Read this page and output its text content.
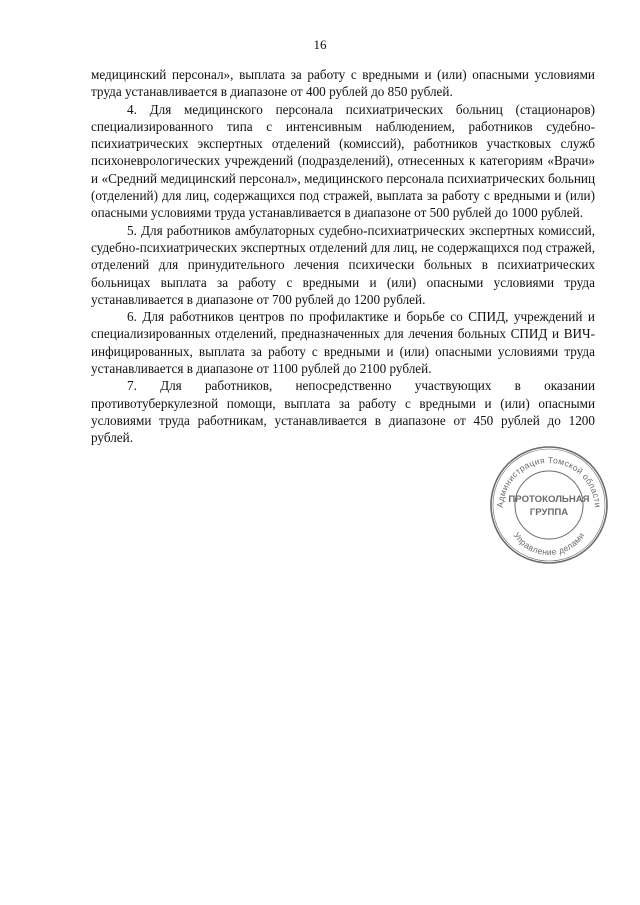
16

медицинский персонал», выплата за работу с вредными и (или) опасными условиями труда устанавливается в диапазоне от 400 рублей до 850 рублей.

4. Для медицинского персонала психиатрических больниц (стационаров) специализированного типа с интенсивным наблюдением, работников судебно-психиатрических экспертных отделений (комиссий), работников участковых служб психоневрологических учреждений (подразделений), отнесенных к категориям «Врачи» и «Средний медицинский персонал», медицинского персонала психиатрических больниц (отделений) для лиц, содержащихся под стражей, выплата за работу с вредными и (или) опасными условиями труда устанавливается в диапазоне от 500 рублей до 1000 рублей.

5. Для работников амбулаторных судебно-психиатрических экспертных комиссий, судебно-психиатрических экспертных отделений для лиц, не содержащихся под стражей, отделений для принудительного лечения психически больных в психиатрических больницах выплата за работу с вредными и (или) опасными условиями труда устанавливается в диапазоне от 700 рублей до 1200 рублей.

6. Для работников центров по профилактике и борьбе со СПИД, учреждений и специализированных отделений, предназначенных для лечения больных СПИД и ВИЧ-инфицированных, выплата за работу с вредными и (или) опасными условиями труда устанавливается в диапазоне от 1100 рублей до 2100 рублей.

7. Для работников, непосредственно участвующих в оказании противотуберкулезной помощи, выплата за работу с вредными и (или) опасными условиями труда работникам, устанавливается в диапазоне от 450 рублей до 1200 рублей.

Администрация Томской области
Управление делами
ПРОТОКОЛЬНАЯ
ГРУППА
